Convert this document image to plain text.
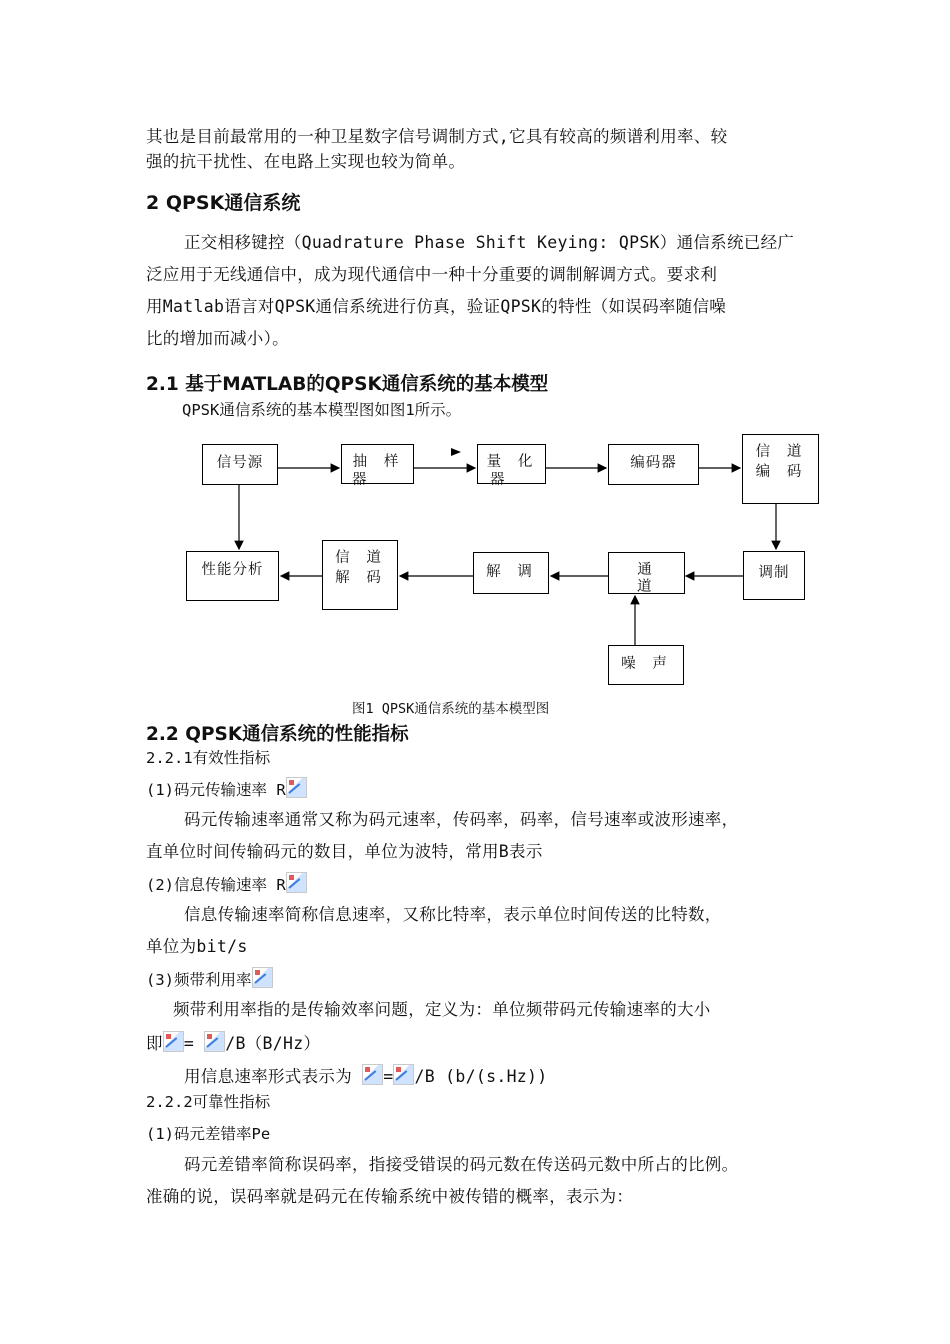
其也是目前最常用的一种卫星数字信号调制方式,它具有较高的频谱利用率、较
强的抗干扰性、在电路上实现也较为简单。
2 QPSK通信系统
正交相移键控（Quadrature Phase Shift Keying: QPSK）通信系统已经广
泛应用于无线通信中，成为现代通信中一种十分重要的调制解调方式。要求利
用Matlab语言对QPSK通信系统进行仿真，验证QPSK的特性（如误码率随信噪
比的增加而减小）。
2.1 基于MATLAB的QPSK通信系统的基本模型
QPSK通信系统的基本模型图如图1所示。
信号源	抽 样
器
量 化
器
编码器
信 道
编 码
调制
通
道
噪 声
解 调
信 道
解 码
性能分析
图1 QPSK通信系统的基本模型图
2.2 QPSK通信系统的性能指标
2.2.1有效性指标
(1)码元传输速率 R
码元传输速率通常又称为码元速率，传码率，码率，信号速率或波形速率，
直单位时间传输码元的数目，单位为波特，常用B表示
(2)信息传输速率 R
信息传输速率简称信息速率，又称比特率，表示单位时间传送的比特数，
单位为bit/s
(3)频带利用率
频带利用率指的是传输效率问题，定义为：单位频带码元传输速率的大小
即 = /B（B/Hz）
用信息速率形式表示为 = /B (b/(s.Hz))
2.2.2可靠性指标
(1)码元差错率Pe
码元差错率简称误码率，指接受错误的码元数在传送码元数中所占的比例。
准确的说，误码率就是码元在传输系统中被传错的概率，表示为：
